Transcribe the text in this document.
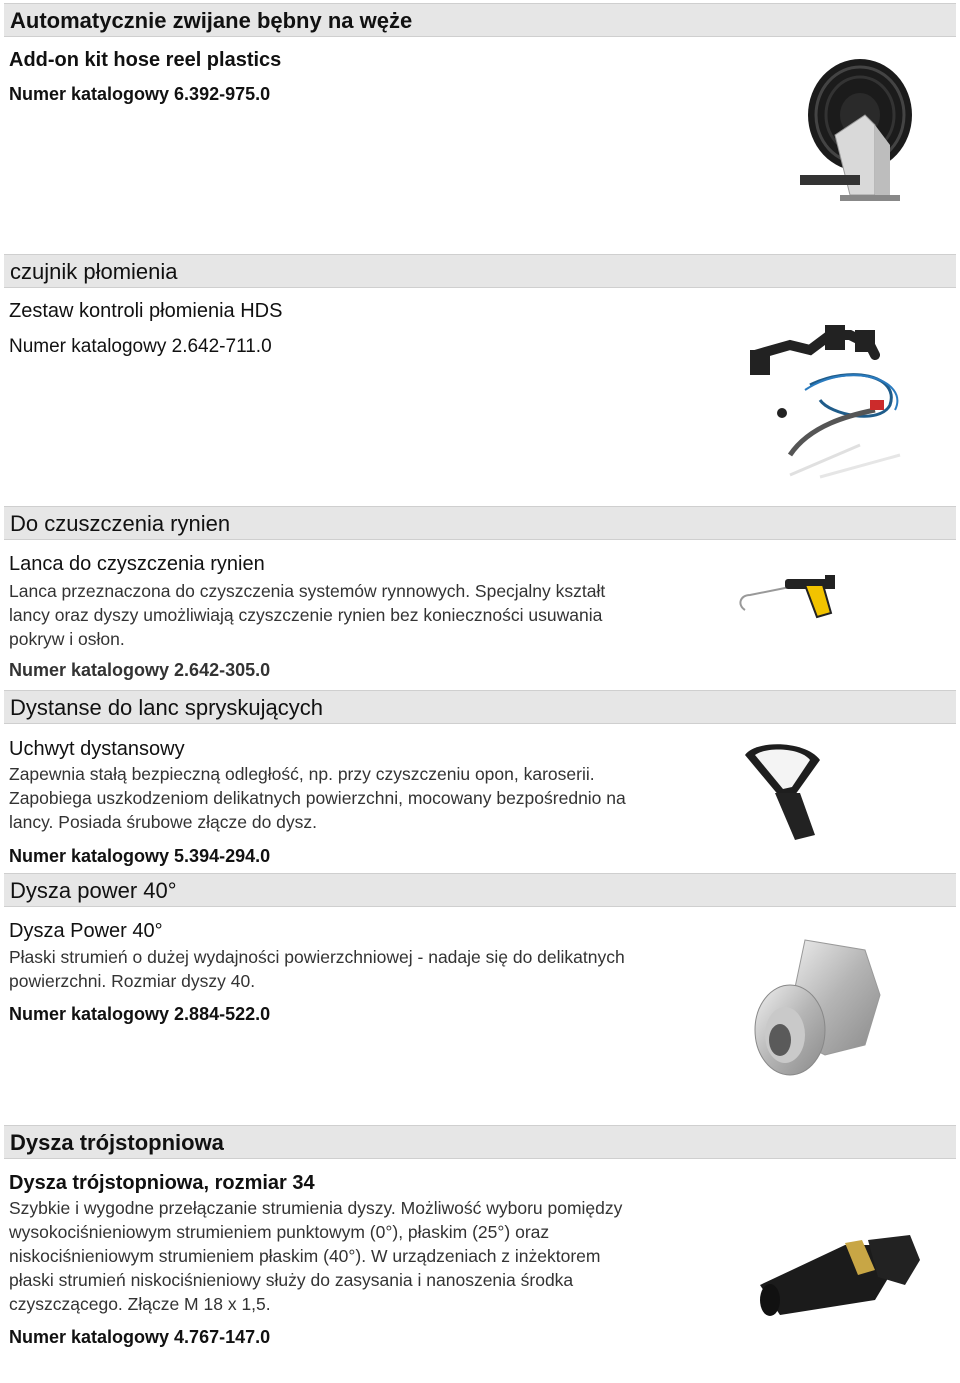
Automatycznie zwijane bębny na węże
Add-on kit hose reel plastics
Numer katalogowy 6.392-975.0
czujnik płomienia
Zestaw kontroli płomienia HDS
Numer katalogowy 2.642-711.0
Do czuszczenia rynien
Lanca do czyszczenia rynien
Lanca przeznaczona do czyszczenia systemów rynnowych. Specjalny kształt
lancy oraz dyszy umożliwiają czyszczenie rynien bez konieczności usuwania
pokryw i osłon.
Numer katalogowy 2.642-305.0
Dystanse do lanc spryskujących
Uchwyt dystansowy
Zapewnia stałą bezpieczną odległość, np. przy czyszczeniu opon, karoserii.
Zapobiega uszkodzeniom delikatnych powierzchni, mocowany bezpośrednio na
lancy. Posiada śrubowe złącze do dysz.
Numer katalogowy 5.394-294.0
Dysza power 40°
Dysza Power 40°
Płaski strumień o dużej wydajności powierzchniowej - nadaje się do delikatnych
powierzchni. Rozmiar dyszy 40.
Numer katalogowy 2.884-522.0
Dysza trójstopniowa
Dysza trójstopniowa, rozmiar 34
Szybkie i wygodne przełączanie strumienia dyszy. Możliwość wyboru pomiędzy
wysokociśnieniowym strumieniem punktowym (0°), płaskim (25°) oraz
niskociśnieniowym strumieniem płaskim (40°). W urządzeniach z inżektorem
płaski strumień niskociśnieniowy służy do zasysania i nanoszenia środka
czyszczącego. Złącze M 18 x 1,5.
Numer katalogowy 4.767-147.0
